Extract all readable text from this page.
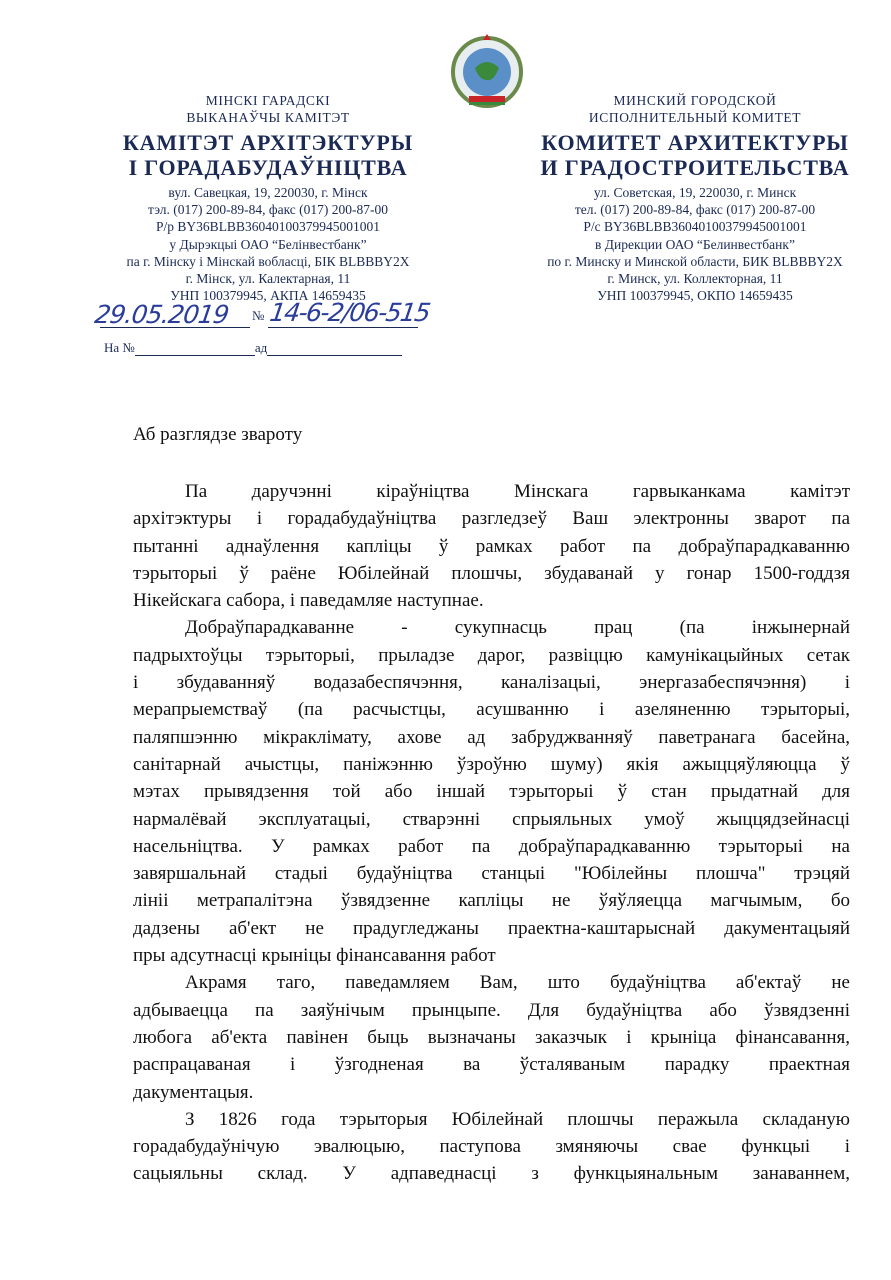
МІНСКІ ГАРАДСКІ
ВЫКАНАЎЧЫ КАМІТЭТ
КАМІТЭТ АРХІТЭКТУРЫ
І ГОРАДАБУДАЎНІЦТВА
вул. Савецкая, 19, 220030, г. Мінск
тэл. (017) 200-89-84, факс (017) 200-87-00
Р/р BY36BLBB36040100379945001001
у Дырэкцыі ОАО “Белінвестбанк”
па г. Мінску і Мінскай вобласці, БІК BLBBBY2X
г. Мінск, ул. Калектарная, 11
УНП 100379945, АКПА 14659435
МИНСКИЙ ГОРОДСКОЙ
ИСПОЛНИТЕЛЬНЫЙ КОМИТЕТ
КОМИТЕТ АРХИТЕКТУРЫ
И ГРАДОСТРОИТЕЛЬСТВА
ул. Советская, 19, 220030, г. Минск
тел. (017) 200-89-84, факс (017) 200-87-00
Р/с BY36BLBB36040100379945001001
в Дирекции ОАО “Белинвестбанк”
по г. Минску и Минской области, БИК BLBBBY2X
г. Минск, ул. Коллекторная, 11
УНП 100379945, ОКПО 14659435
29.05.2019 № 14-6-2/06-515
На №	ад
Аб разглядзе звароту
Па даручэнні кіраўніцтва Мінскага гарвыканкама камітэт
архітэктуры і горадабудаўніцтва разгледзеў Ваш электронны зварот па
пытанні аднаўлення капліцы ў рамках работ па добраўпарадкаванню
тэрыторыі ў раёне Юбілейнай плошчы, збудаванай у гонар 1500-годдзя
Нікейскага сабора, і паведамляе наступнае.
Добраўпарадкаванне - сукупнасць прац (па інжынернай
падрыхтоўцы тэрыторыі, прыладзе дарог, развіццю камунікацыйных сетак
і збудаванняў водазабеспячэння, каналізацыі, энергазабеспячэння) і
мерапрыемстваў (па расчыстцы, асушванню і азеляненню тэрыторыі,
паляпшэнню мікраклімату, ахове ад забруджванняў паветранага басейна,
санітарнай ачыстцы, паніжэнню ўзроўню шуму) якія ажыццяўляюцца ў
мэтах прывядзення той або іншай тэрыторыі ў стан прыдатнай для
нармалёвай эксплуатацыі, стварэнні спрыяльных умоў жыццядзейнасці
насельніцтва. У рамках работ па добраўпарадкаванню тэрыторыі на
завяршальнай стадыі будаўніцтва станцыі "Юбілейны плошча" трэцяй
лініі метрапалітэна ўзвядзенне капліцы не ўяўляецца магчымым, бо
дадзены аб'ект не прадугледжаны праектна-каштарыснай дакументацыяй
пры адсутнасці крыніцы фінансавання работ
Акрамя таго, паведамляем Вам, што будаўніцтва аб'ектаў не
адбываецца па заяўнічым прынцыпе. Для будаўніцтва або ўзвядзенні
любога аб'екта павінен быць вызначаны заказчык і крыніца фінансавання,
распрацаваная і ўзгодненая ва ўсталяваным парадку праектная
дакументацыя.
З 1826 года тэрыторыя Юбілейнай плошчы перажыла складаную
горадабудаўнічую эвалюцыю, паступова змяняючы свае функцыі і
сацыяльны склад. У адпаведнасці з функцыянальным занаваннем,
